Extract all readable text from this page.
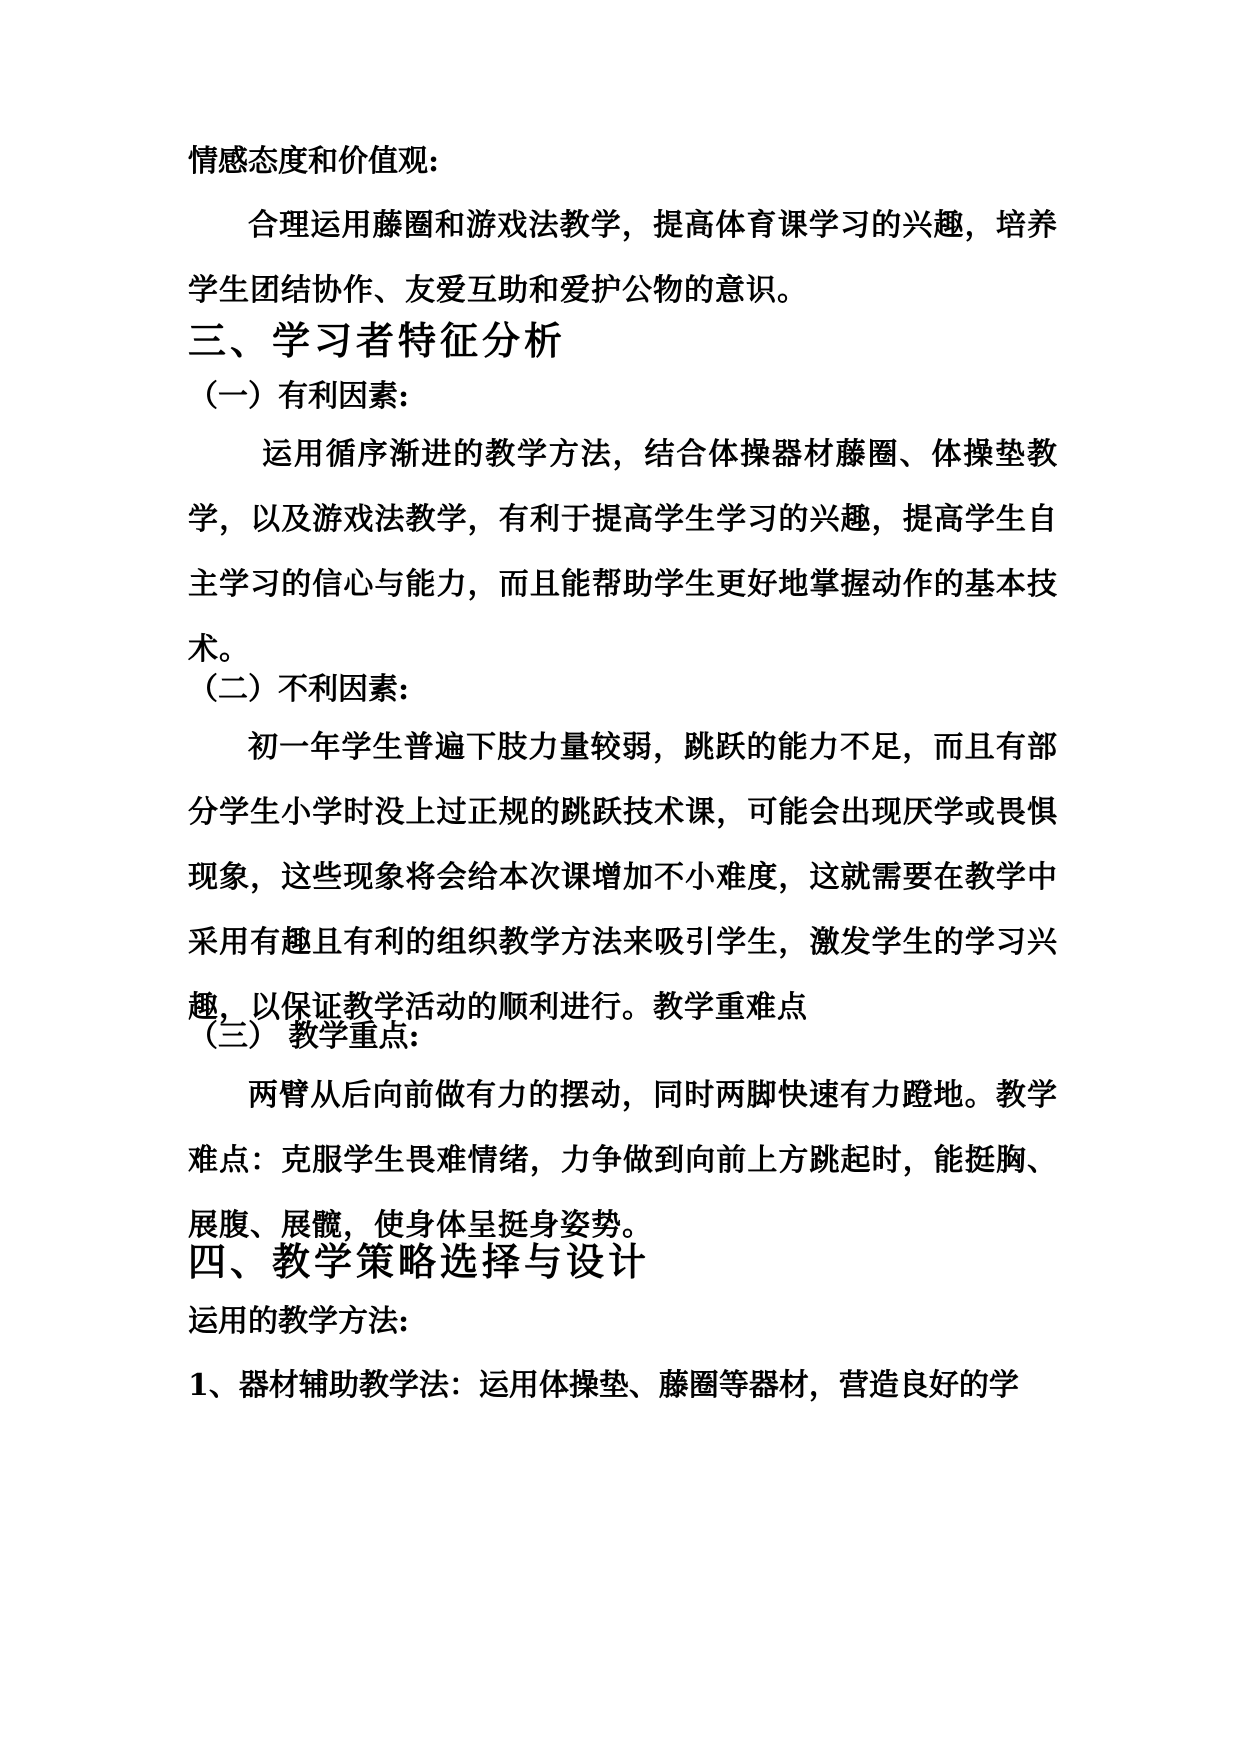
情感态度和价值观:

合理运用藤圈和游戏法教学，提高体育课学习的兴趣，培养学生团结协作、友爱互助和爱护公物的意识。

三、学习者特征分析

（一）有利因素:

运用循序渐进的教学方法，结合体操器材藤圈、体操垫教学，以及游戏法教学，有利于提高学生学习的兴趣，提高学生自主学习的信心与能力，而且能帮助学生更好地掌握动作的基本技术。

（二）不利因素:

初一年学生普遍下肢力量较弱，跳跃的能力不足，而且有部分学生小学时没上过正规的跳跃技术课，可能会出现厌学或畏惧现象，这些现象将会给本次课增加不小难度，这就需要在教学中采用有趣且有利的组织教学方法来吸引学生，激发学生的学习兴趣，以保证教学活动的顺利进行。教学重难点

（三） 教学重点:

两臂从后向前做有力的摆动，同时两脚快速有力蹬地。教学难点：克服学生畏难情绪，力争做到向前上方跳起时，能挺胸、展腹、展髋，使身体呈挺身姿势。

四、教学策略选择与设计

运用的教学方法:

1、器材辅助教学法：运用体操垫、藤圈等器材，营造良好的学
